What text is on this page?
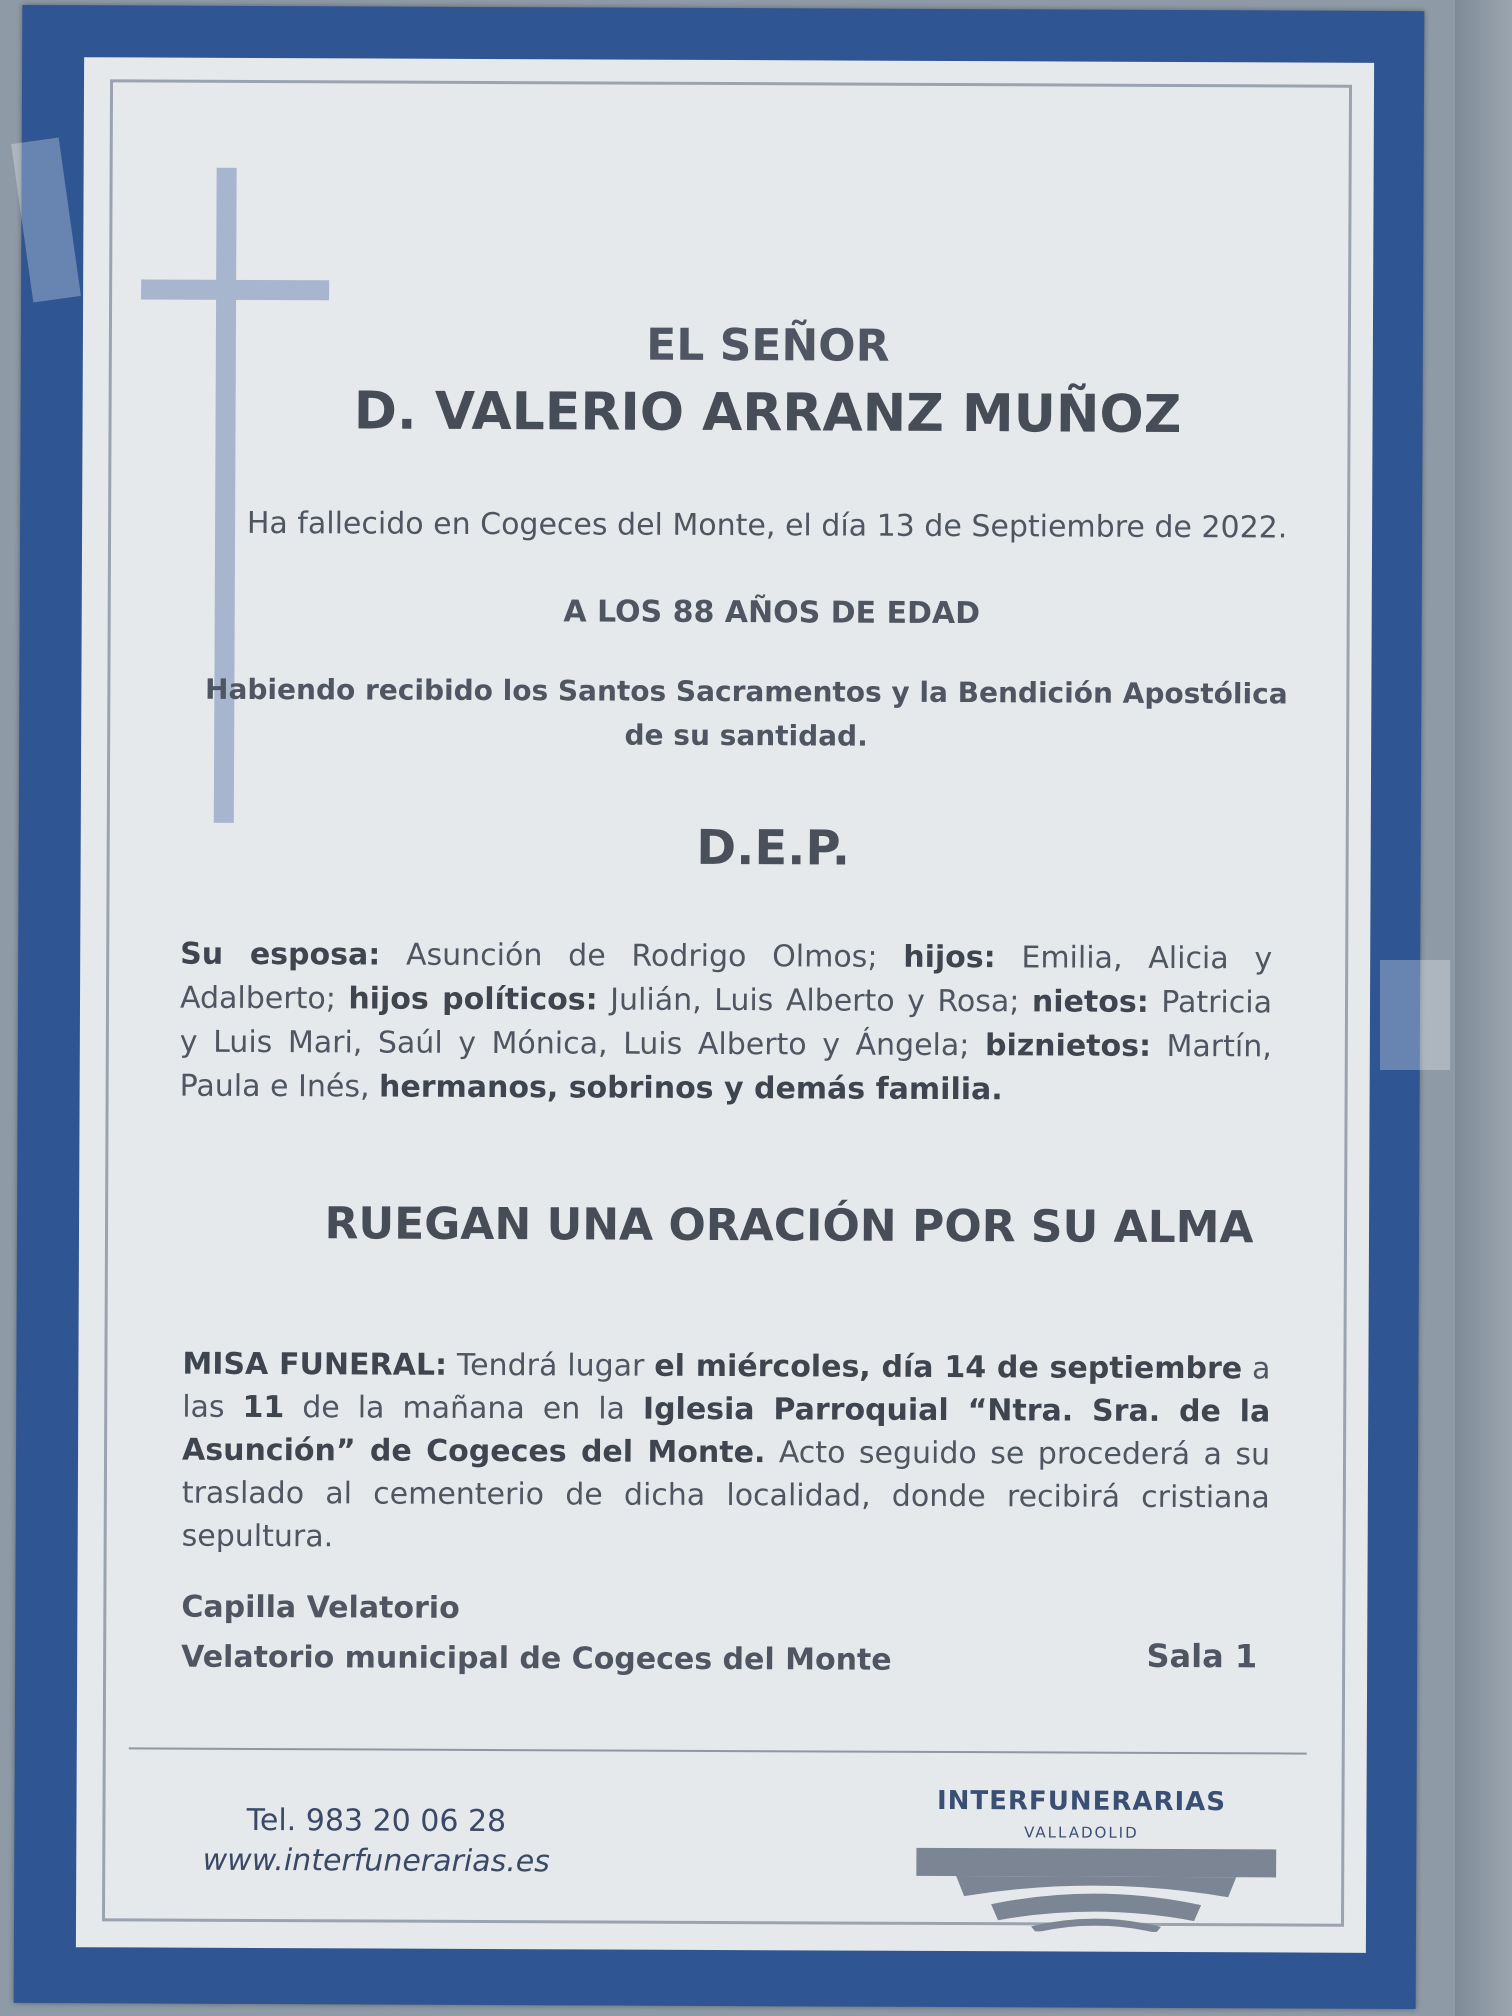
EL SEÑOR
D. VALERIO ARRANZ MUÑOZ
Ha fallecido en Cogeces del Monte, el día 13 de Septiembre de 2022.
A LOS 88 AÑOS DE EDAD
Habiendo recibido los Santos Sacramentos y la Bendición Apostólica
de su santidad.
D.E.P.
Su esposa: Asunción de Rodrigo Olmos; hijos: Emilia, Alicia y Adalberto; hijos políticos: Julián, Luis Alberto y Rosa; nietos: Patricia y Luis Mari, Saúl y Mónica, Luis Alberto y Ángela; biznietos: Martín, Paula e Inés, hermanos, sobrinos y demás familia.
RUEGAN UNA ORACIÓN POR SU ALMA
MISA FUNERAL: Tendrá lugar el miércoles, día 14 de septiembre a las 11 de la mañana en la Iglesia Parroquial “Ntra. Sra. de la Asunción” de Cogeces del Monte. Acto seguido se procederá a su traslado al cementerio de dicha localidad, donde recibirá cristiana sepultura.
Capilla Velatorio
Velatorio municipal de Cogeces del Monte	Sala 1
Tel. 983 20 06 28
www.interfunerarias.es
INTERFUNERARIAS
VALLADOLID
